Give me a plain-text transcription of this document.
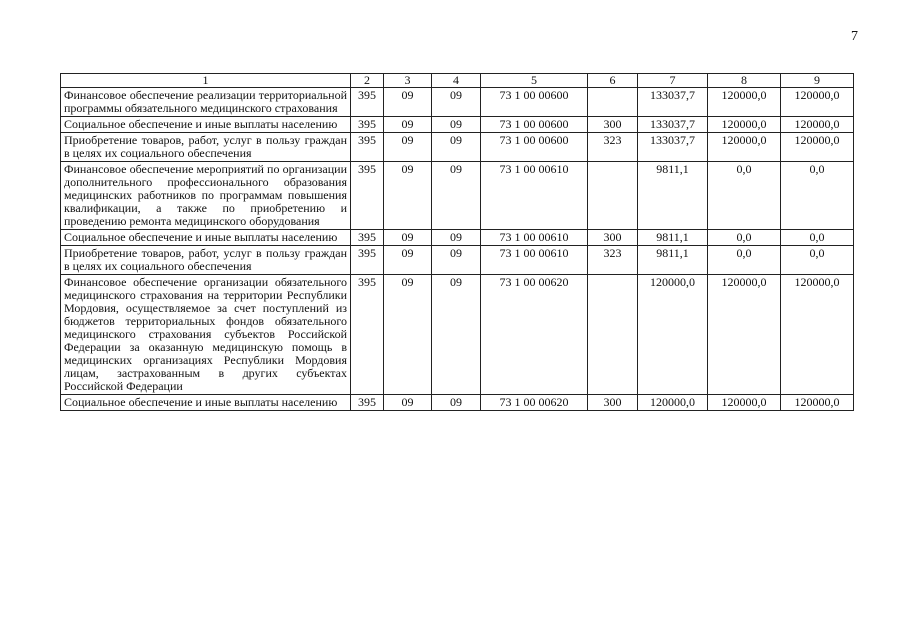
7
1	2	3	4	5	6	7	8	9
Финансовое обеспечение реализации территориальной программы обязательного медицинского страхования	395	09	09	73 1 00 00600		133037,7	120000,0	120000,0
Социальное обеспечение и иные выплаты населению	395	09	09	73 1 00 00600	300	133037,7	120000,0	120000,0
Приобретение товаров, работ, услуг в пользу граждан в целях их социального обеспечения	395	09	09	73 1 00 00600	323	133037,7	120000,0	120000,0
Финансовое обеспечение мероприятий по организации дополнительного профессионального образования медицинских работников по программам повышения квалификации, а также по приобретению и проведению ремонта медицинского оборудования	395	09	09	73 1 00 00610		9811,1	0,0	0,0
Социальное обеспечение и иные выплаты населению	395	09	09	73 1 00 00610	300	9811,1	0,0	0,0
Приобретение товаров, работ, услуг в пользу граждан в целях их социального обеспечения	395	09	09	73 1 00 00610	323	9811,1	0,0	0,0
Финансовое обеспечение организации обязательного медицинского страхования на территории Республики Мордовия, осуществляемое за счет поступлений из бюджетов территориальных фондов обязательного медицинского страхования субъектов Российской Федерации за оказанную медицинскую помощь в медицинских организациях Республики Мордовия лицам, застрахованным в других субъектах Российской Федерации	395	09	09	73 1 00 00620		120000,0	120000,0	120000,0
Социальное обеспечение и иные выплаты населению	395	09	09	73 1 00 00620	300	120000,0	120000,0	120000,0
